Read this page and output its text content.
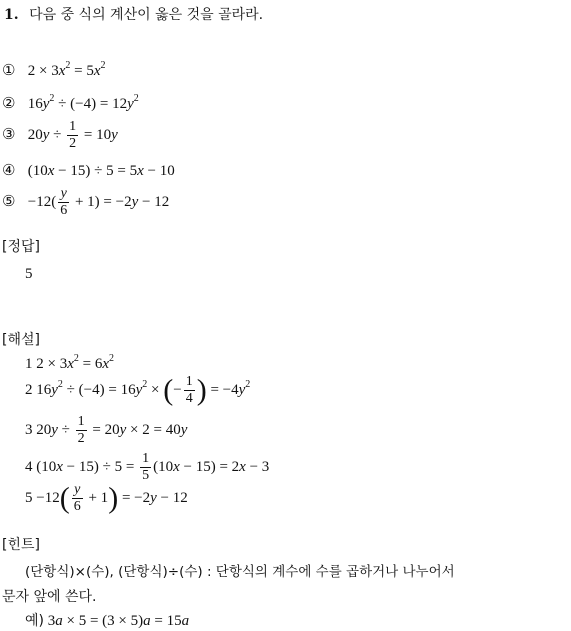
1. 다음 중 식의 계산이 옳은 것을 골라라.
① $2 \times 3x^2 = 5x^2$
② $16y^2 \div (-4) = 12y^2$
③ $20y \div \frac{1}{2} = 10y$
④ (10x − 15) ÷ 5 = 5x − 10
⑤ $-12( \frac{y}{6} + 1) = -2y - 12$
[정답]
5
[해설]
1 $2 \times 3x^2 = 6x^2$
2 $16y^2 \div (-4) = 16y^2$ × (− $\frac{1}{4}$ ) = $-4y^2$
3 $20y \div \frac{1}{2} = 20y \times 2 = 40y$
4 $(10x - 15) \div 5 = \frac{1}{5} (10x - 15) = 2x - 3$
$5 -12( \frac{y}{6} + 1) = -2y - 12$
[힌트]
(단항식)×(수), (단항식)÷(수) : 단항식의 계수에 수를 곱하거나 나누어서
문자 앞에 쓴다.
예) 3a × 5 = (3 × 5)a = 15a
